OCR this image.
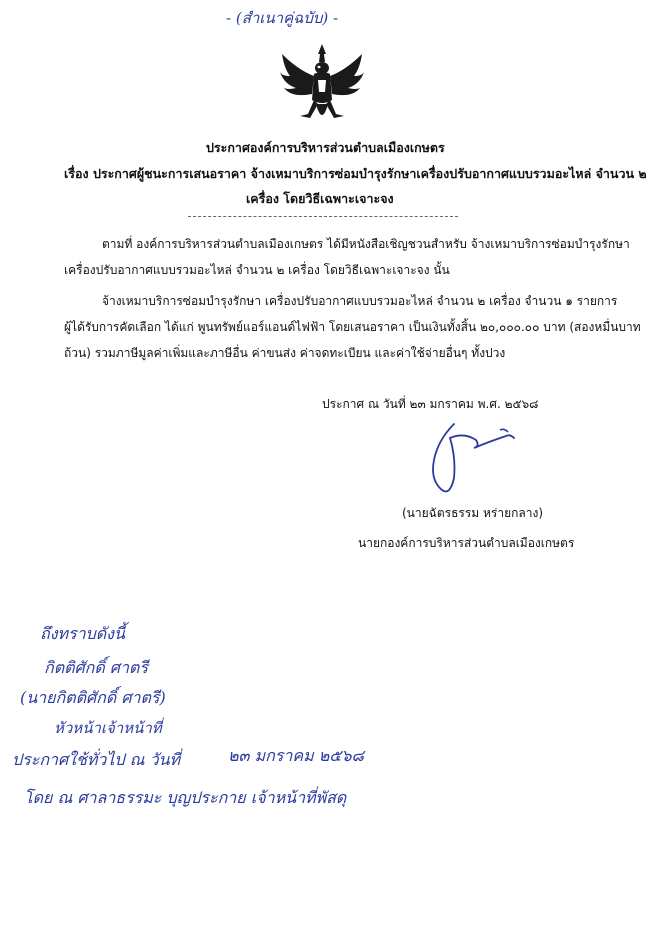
- (สำเนาคู่ฉบับ) -
ประกาศองค์การบริหารส่วนตำบลเมืองเกษตร
เรื่อง ประกาศผู้ชนะการเสนอราคา จ้างเหมาบริการซ่อมบำรุงรักษาเครื่องปรับอากาศแบบรวมอะไหล่ จำนวน ๒
เครื่อง โดยวิธีเฉพาะเจาะจง
ตามที่ องค์การบริหารส่วนตำบลเมืองเกษตร ได้มีหนังสือเชิญชวนสำหรับ จ้างเหมาบริการซ่อมบำรุงรักษา
เครื่องปรับอากาศแบบรวมอะไหล่ จำนวน ๒ เครื่อง โดยวิธีเฉพาะเจาะจง นั้น
จ้างเหมาบริการซ่อมบำรุงรักษา เครื่องปรับอากาศแบบรวมอะไหล่ จำนวน ๒ เครื่อง จำนวน ๑ รายการ
ผู้ได้รับการคัดเลือก ได้แก่ พูนทรัพย์แอร์แอนด์ไฟฟ้า โดยเสนอราคา เป็นเงินทั้งสิ้น ๒๐,๐๐๐.๐๐ บาท (สองหมื่นบาท
ถ้วน) รวมภาษีมูลค่าเพิ่มและภาษีอื่น ค่าขนส่ง ค่าจดทะเบียน และค่าใช้จ่ายอื่นๆ ทั้งปวง
ประกาศ ณ วันที่ ๒๓ มกราคม พ.ศ. ๒๕๖๘
(นายฉัตรธรรม หร่ายกลาง)
นายกองค์การบริหารส่วนตำบลเมืองเกษตร
ถึงทราบดังนี้
กิตติศักดิ์ ศาตรี
(นายกิตติศักดิ์ ศาตรี)
หัวหน้าเจ้าหน้าที่
ประกาศใช้ทั่วไป ณ วันที่	๒๓ มกราคม ๒๕๖๘
โดย ณ ศาลาธรรมะ บุญประกาย เจ้าหน้าที่พัสดุ
